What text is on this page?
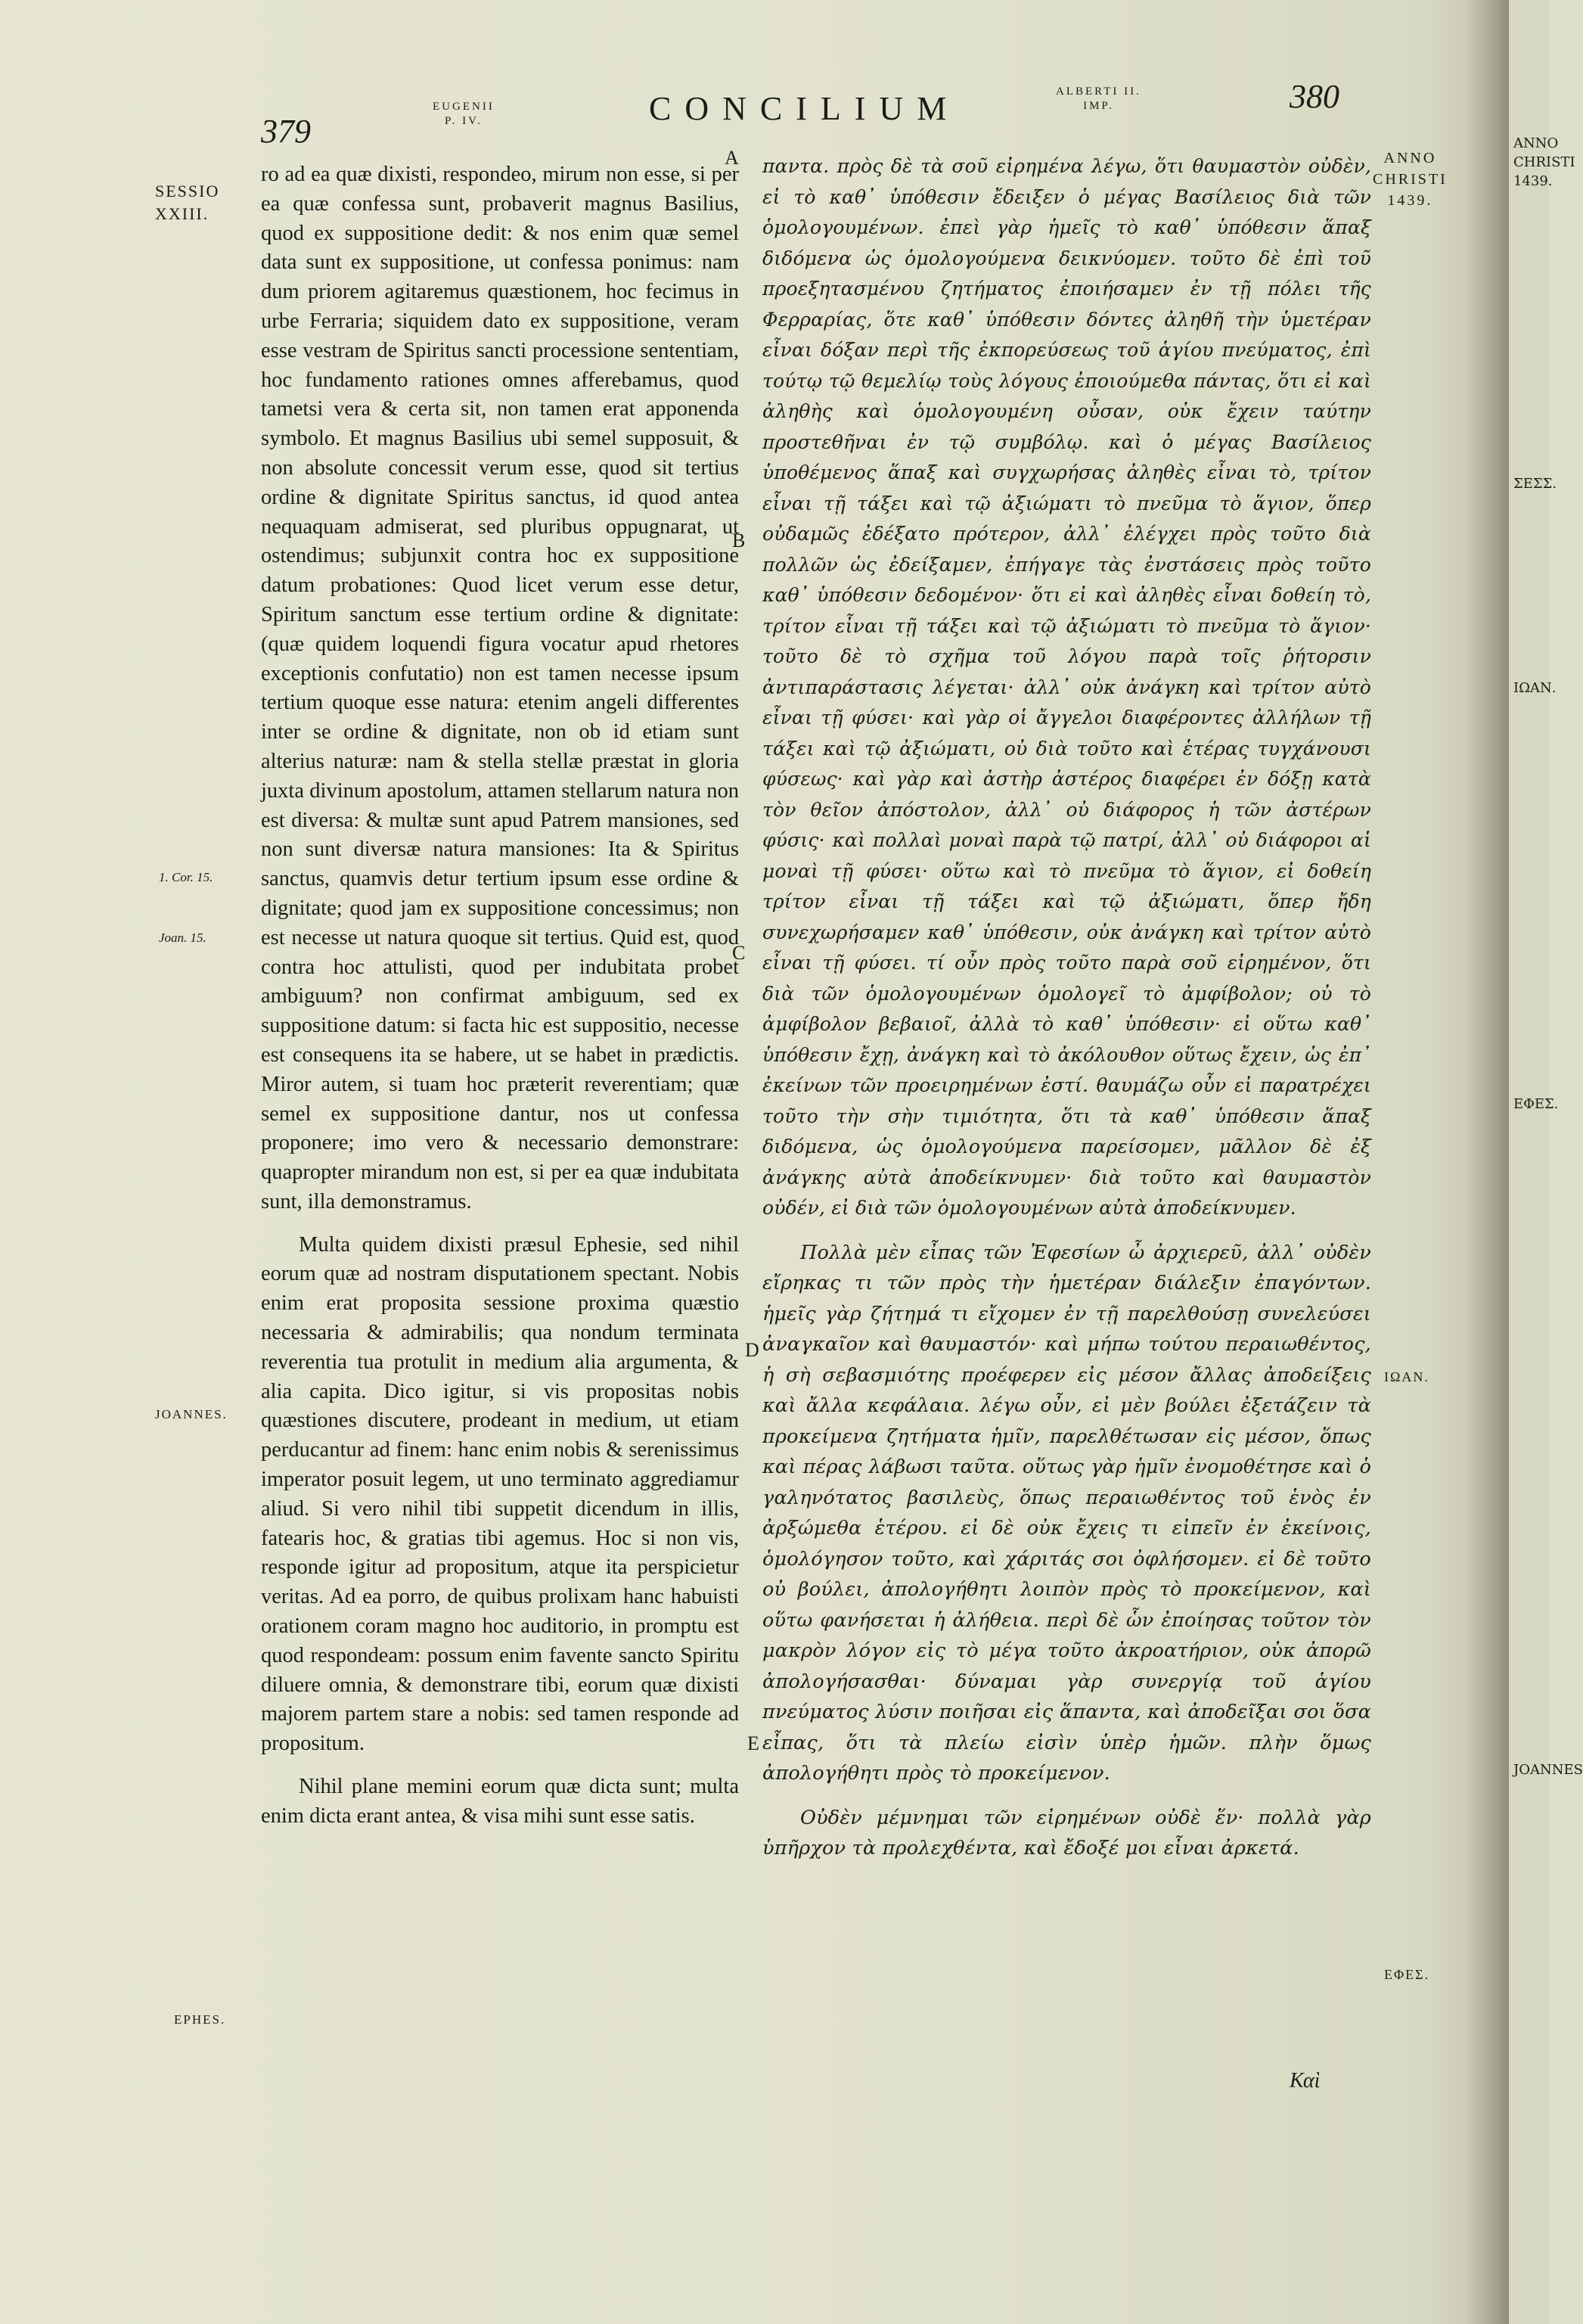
379
EUGENII
P. IV.	CONCILIUM	ALBERTI II.
IMP.	380
ANNO
CHRISTI
1439.
SESSIO
XXIII.
1. Cor. 15.
Joan. 15.
JOANNES.
EPHES.
A
B
C
D
E

ro ad ea quæ dixisti, respondeo, mirum non esse, si per ea quæ confessa sunt, probaverit magnus Basilius, quod ex suppositione dedit: & nos enim quæ semel data sunt ex suppositione, ut confessa ponimus: nam dum priorem agitaremus quæstionem, hoc fecimus in urbe Ferraria; siquidem dato ex suppositione, veram esse vestram de Spiritus sancti processione sententiam, hoc fundamento rationes omnes afferebamus, quod tametsi vera & certa sit, non tamen erat apponenda symbolo. Et magnus Basilius ubi semel supposuit, & non absolute concessit verum esse, quod sit tertius ordine & dignitate Spiritus sanctus, id quod antea nequaquam admiserat, sed pluribus oppugnarat, ut ostendimus; subjunxit contra hoc ex suppositione datum probationes: Quod licet verum esse detur, Spiritum sanctum esse tertium ordine & dignitate: (quæ quidem loquendi figura vocatur apud rhetores exceptionis confutatio) non est tamen necesse ipsum tertium quoque esse natura: etenim angeli differentes inter se ordine & dignitate, non ob id etiam sunt alterius naturæ: nam & stella stellæ præstat in gloria juxta divinum apostolum, attamen stellarum natura non est diversa: & multæ sunt apud Patrem mansiones, sed non sunt diversæ natura mansiones: Ita & Spiritus sanctus, quamvis detur tertium ipsum esse ordine & dignitate; quod jam ex suppositione concessimus; non est necesse ut natura quoque sit tertius. Quid est, quod contra hoc attulisti, quod per indubitata probet ambiguum? non confirmat ambiguum, sed ex suppositione datum: si facta hic est suppositio, necesse est consequens ita se habere, ut se habet in prædictis. Miror autem, si tuam hoc præterit reverentiam; quæ semel ex suppositione dantur, nos ut confessa proponere; imo vero & necessario demonstrare: quapropter mirandum non est, si per ea quæ indubitata sunt, illa demonstramus.

Multa quidem dixisti præsul Ephesie, sed nihil eorum quæ ad nostram disputationem spectant. Nobis enim erat proposita sessione proxima quæstio necessaria & admirabilis; qua nondum terminata reverentia tua protulit in medium alia argumenta, & alia capita. Dico igitur, si vis propositas nobis quæstiones discutere, prodeant in medium, ut etiam perducantur ad finem: hanc enim nobis & serenissimus imperator posuit legem, ut uno terminato aggrediamur aliud. Si vero nihil tibi suppetit dicendum in illis, fatearis hoc, & gratias tibi agemus. Hoc si non vis, responde igitur ad propositum, atque ita perspicietur veritas. Ad ea porro, de quibus prolixam hanc habuisti orationem coram magno hoc auditorio, in promptu est quod respondeam: possum enim favente sancto Spiritu diluere omnia, & demonstrare tibi, eorum quæ dixisti majorem partem stare a nobis: sed tamen responde ad propositum.

Nihil plane memini eorum quæ dicta sunt; multa enim dicta erant antea, & visa mihi sunt esse satis.

παντα. πρὸς δὲ τὰ σοῦ εἰρημένα λέγω, ὅτι θαυμαστὸν οὐδὲν, εἰ τὸ καθ᾽ ὑπόθεσιν ἔδειξεν ὁ μέγας Βασίλειος διὰ τῶν ὁμολογουμένων. ἐπεὶ γὰρ ἡμεῖς τὸ καθ᾽ ὑπόθεσιν ἅπαξ διδόμενα ὡς ὁμολογούμενα δεικνύομεν. τοῦτο δὲ ἐπὶ τοῦ προεξητασμένου ζητήματος ἐποιήσαμεν ἐν τῇ πόλει τῆς Φερραρίας, ὅτε καθ᾽ ὑπόθεσιν δόντες ἀληθῆ τὴν ὑμετέραν εἶναι δόξαν περὶ τῆς ἐκπορεύσεως τοῦ ἁγίου πνεύματος, ἐπὶ τούτῳ τῷ θεμελίῳ τοὺς λόγους ἐποιούμεθα πάντας, ὅτι εἰ καὶ ἀληθὴς καὶ ὁμολογουμένη οὖσαν, οὐκ ἔχειν ταύτην προστεθῆναι ἐν τῷ συμβόλῳ. καὶ ὁ μέγας Βασίλειος ὑποθέμενος ἅπαξ καὶ συγχωρήσας ἀληθὲς εἶναι τὸ, τρίτον εἶναι τῇ τάξει καὶ τῷ ἀξιώματι τὸ πνεῦμα τὸ ἅγιον, ὅπερ οὐδαμῶς ἐδέξατο πρότερον, ἀλλ᾽ ἐλέγχει πρὸς τοῦτο διὰ πολλῶν ὡς ἐδείξαμεν, ἐπήγαγε τὰς ἐνστάσεις πρὸς τοῦτο καθ᾽ ὑπόθεσιν δεδομένον· ὅτι εἰ καὶ ἀληθὲς εἶναι δοθείη τὸ, τρίτον εἶναι τῇ τάξει καὶ τῷ ἀξιώματι τὸ πνεῦμα τὸ ἅγιον· τοῦτο δὲ τὸ σχῆμα τοῦ λόγου παρὰ τοῖς ῥήτορσιν ἀντιπαράστασις λέγεται· ἀλλ᾽ οὐκ ἀνάγκη καὶ τρίτον αὐτὸ εἶναι τῇ φύσει· καὶ γὰρ οἱ ἄγγελοι διαφέροντες ἀλλήλων τῇ τάξει καὶ τῷ ἀξιώματι, οὐ διὰ τοῦτο καὶ ἑτέρας τυγχάνουσι φύσεως· καὶ γὰρ καὶ ἀστὴρ ἀστέρος διαφέρει ἐν δόξῃ κατὰ τὸν θεῖον ἀπόστολον, ἀλλ᾽ οὐ διάφορος ἡ τῶν ἀστέρων φύσις· καὶ πολλαὶ μοναὶ παρὰ τῷ πατρί, ἀλλ᾽ οὐ διάφοροι αἱ μοναὶ τῇ φύσει· οὕτω καὶ τὸ πνεῦμα τὸ ἅγιον, εἰ δοθείη τρίτον εἶναι τῇ τάξει καὶ τῷ ἀξιώματι, ὅπερ ἤδη συνεχωρήσαμεν καθ᾽ ὑπόθεσιν, οὐκ ἀνάγκη καὶ τρίτον αὐτὸ εἶναι τῇ φύσει. τί οὖν πρὸς τοῦτο παρὰ σοῦ εἰρημένον, ὅτι διὰ τῶν ὁμολογουμένων ὁμολογεῖ τὸ ἀμφίβολον; οὐ τὸ ἀμφίβολον βεβαιοῖ, ἀλλὰ τὸ καθ᾽ ὑπόθεσιν· εἰ οὕτω καθ᾽ ὑπόθεσιν ἔχῃ, ἀνάγκη καὶ τὸ ἀκόλουθον οὕτως ἔχειν, ὡς ἐπ᾽ ἐκείνων τῶν προειρημένων ἐστί. θαυμάζω οὖν εἰ παρατρέχει τοῦτο τὴν σὴν τιμιότητα, ὅτι τὰ καθ᾽ ὑπόθεσιν ἅπαξ διδόμενα, ὡς ὁμολογούμενα παρείσομεν, μᾶλλον δὲ ἐξ ἀνάγκης αὐτὰ ἀποδείκνυμεν· διὰ τοῦτο καὶ θαυμαστὸν οὐδέν, εἰ διὰ τῶν ὁμολογουμένων αὐτὰ ἀποδείκνυμεν.

Πολλὰ μὲν εἶπας τῶν Ἐφεσίων ὦ ἀρχιερεῦ, ἀλλ᾽ οὐδὲν εἴρηκας τι τῶν πρὸς τὴν ἡμετέραν διάλεξιν ἐπαγόντων. ἡμεῖς γὰρ ζήτημά τι εἴχομεν ἐν τῇ παρελθούσῃ συνελεύσει ἀναγκαῖον καὶ θαυμαστόν· καὶ μήπω τούτου περαιωθέντος, ἡ σὴ σεβασμιότης προέφερεν εἰς μέσον ἄλλας ἀποδείξεις καὶ ἄλλα κεφάλαια. λέγω οὖν, εἰ μὲν βούλει ἐξετάζειν τὰ προκείμενα ζητήματα ἡμῖν, παρελθέτωσαν εἰς μέσον, ὅπως καὶ πέρας λάβωσι ταῦτα. οὕτως γὰρ ἡμῖν ἐνομοθέτησε καὶ ὁ γαληνότατος βασιλεὺς, ὅπως περαιωθέντος τοῦ ἑνὸς ἐν ἀρξώμεθα ἑτέρου. εἰ δὲ οὐκ ἔχεις τι εἰπεῖν ἐν ἐκείνοις, ὁμολόγησον τοῦτο, καὶ χάριτάς σοι ὀφλήσομεν. εἰ δὲ τοῦτο οὐ βούλει, ἀπολογήθητι λοιπὸν πρὸς τὸ προκείμενον, καὶ οὕτω φανήσεται ἡ ἀλήθεια. περὶ δὲ ὧν ἐποίησας τοῦτον τὸν μακρὸν λόγον εἰς τὸ μέγα τοῦτο ἀκροατήριον, οὐκ ἀπορῶ ἀπολογήσασθαι· δύναμαι γὰρ συνεργίᾳ τοῦ ἁγίου πνεύματος λύσιν ποιῆσαι εἰς ἅπαντα, καὶ ἀποδεῖξαι σοι ὅσα εἶπας, ὅτι τὰ πλείω εἰσὶν ὑπὲρ ἡμῶν. πλὴν ὅμως ἀπολογήθητι πρὸς τὸ προκείμενον.

Οὐδὲν μέμνημαι τῶν εἰρημένων οὐδὲ ἕν· πολλὰ γὰρ ὑπῆρχον τὰ προλεχθέντα, καὶ ἔδοξέ μοι εἶναι ἀρκετά.

ΙΩΑΝ.
ΕΦΕΣ.
Καὶ
ANNO
CHRISTI
1439.
ΣΕΣΣ.
ΙΩΑΝ.
ΕΦΕΣ.
JOANNES
